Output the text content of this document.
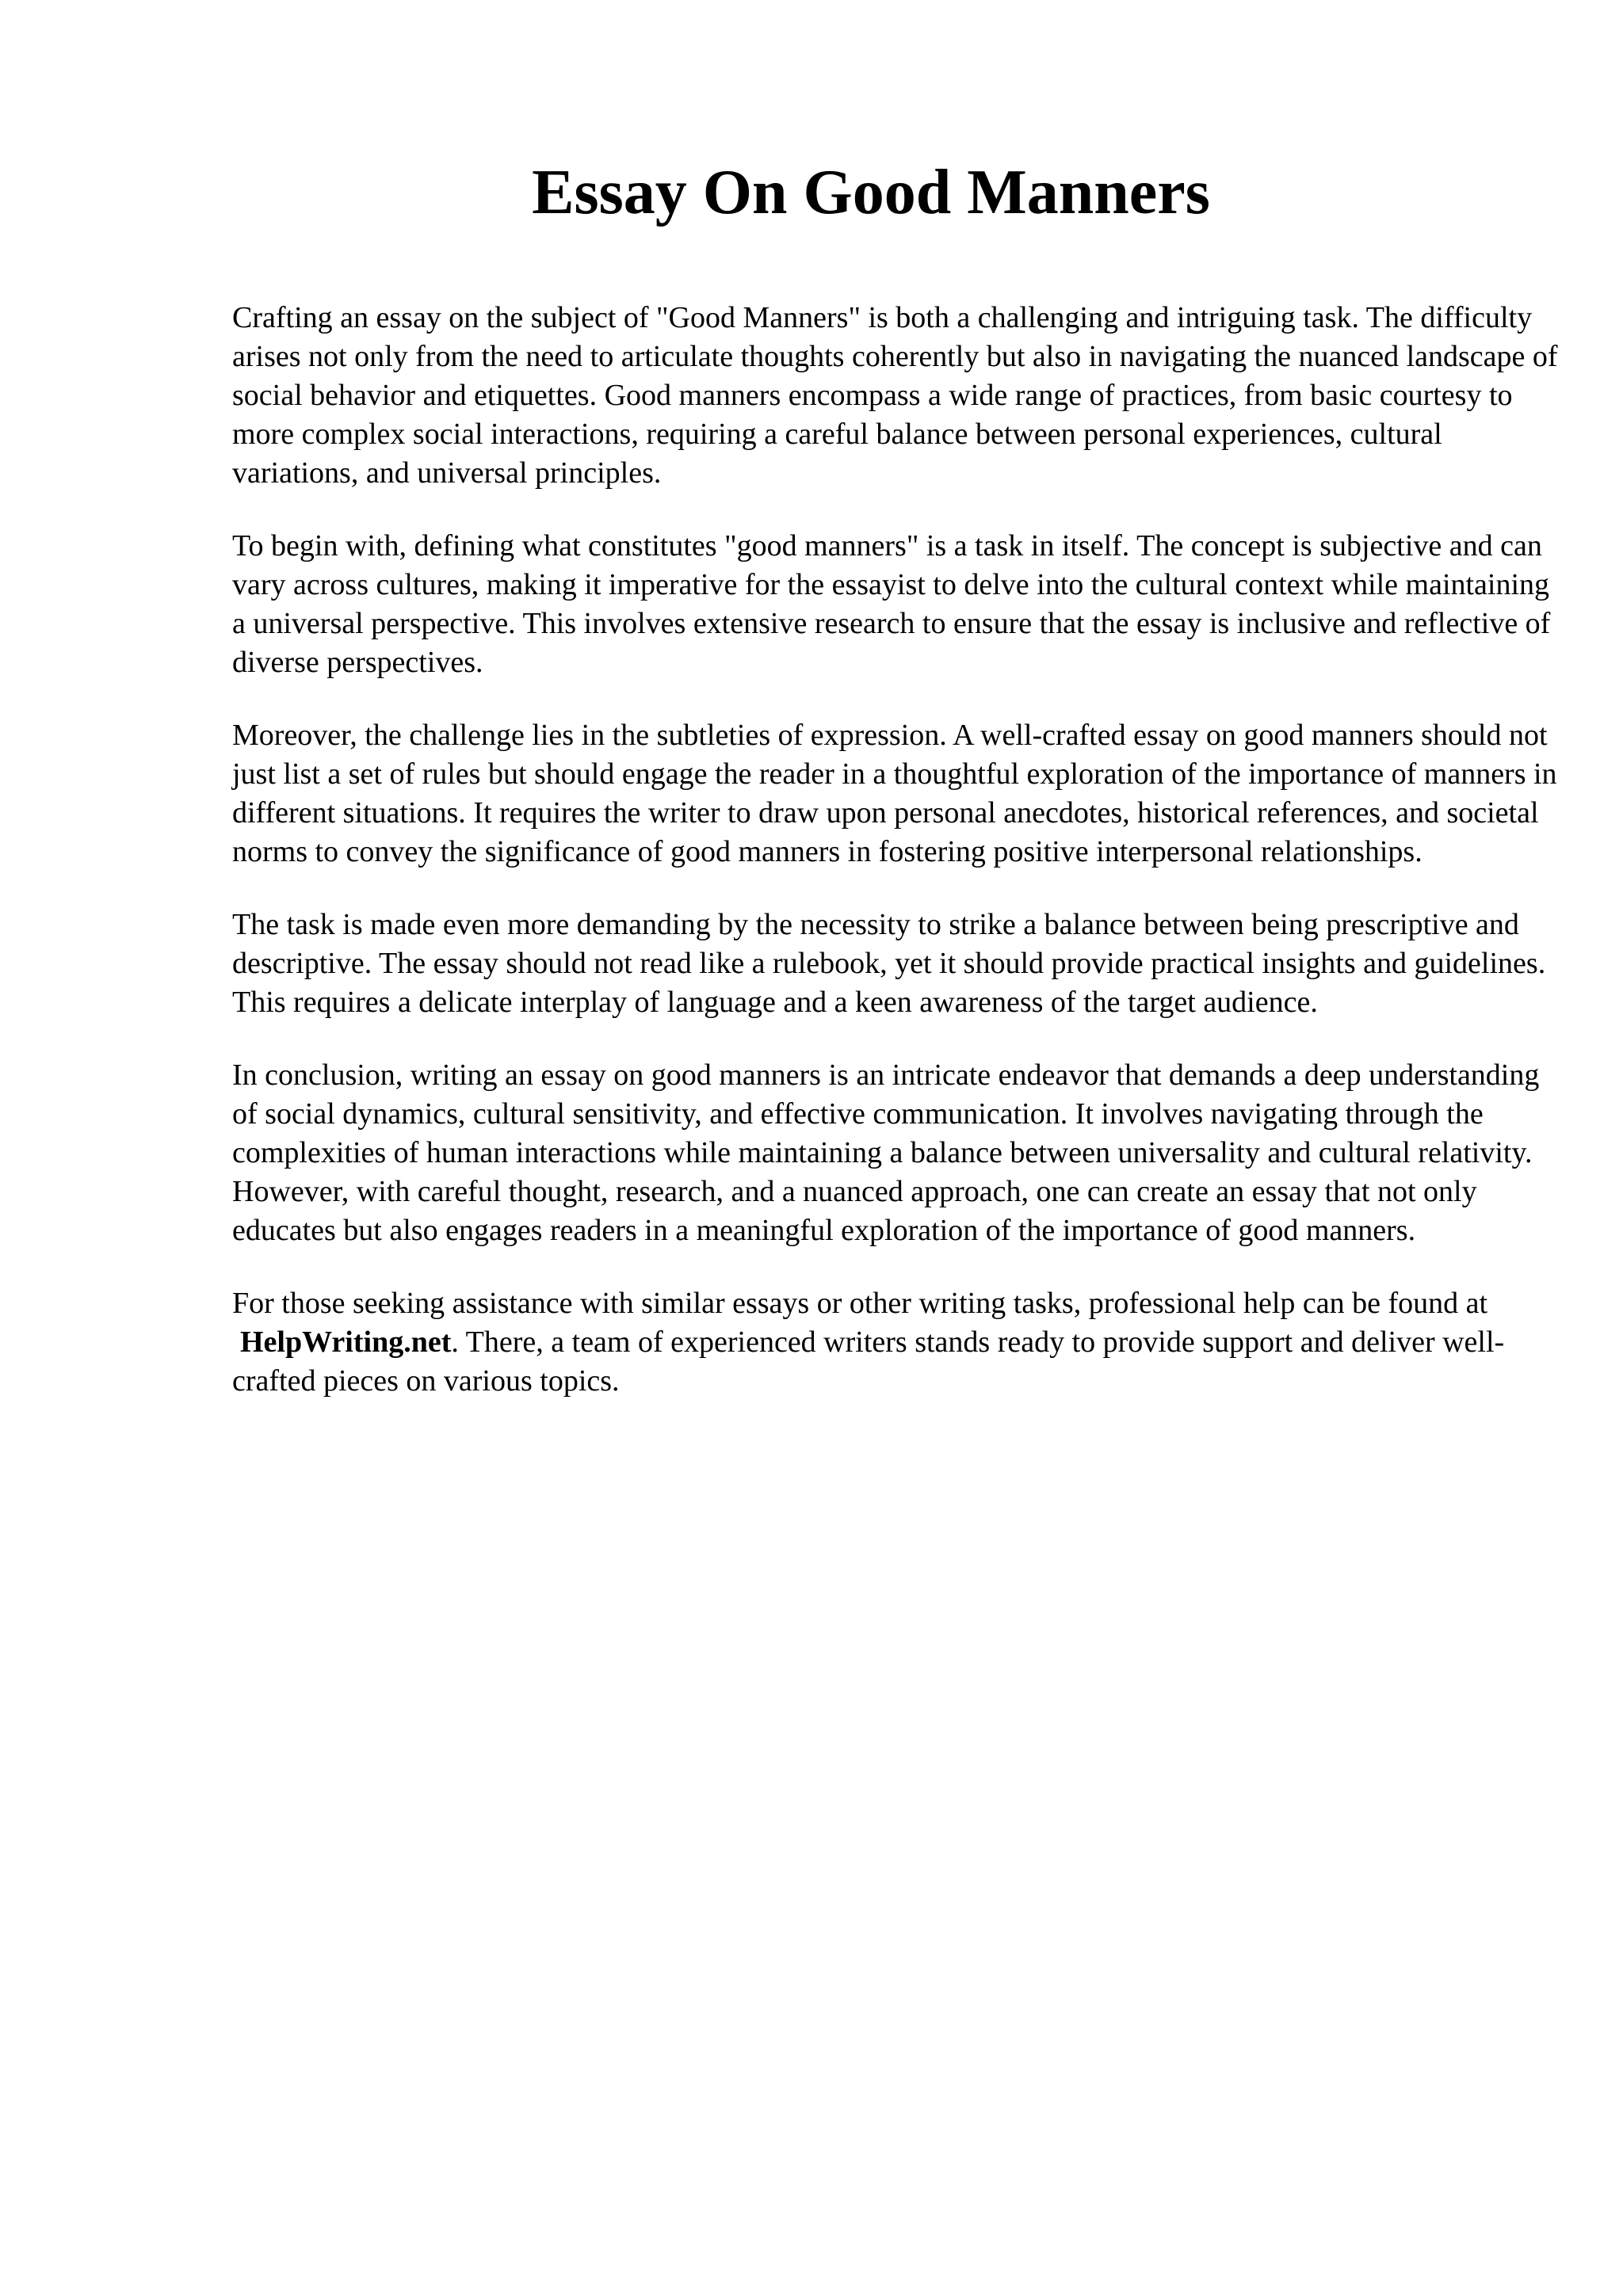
Essay On Good Manners

Crafting an essay on the subject of "Good Manners" is both a challenging and intriguing task. The difficulty arises not only from the need to articulate thoughts coherently but also in navigating the nuanced landscape of social behavior and etiquettes. Good manners encompass a wide range of practices, from basic courtesy to more complex social interactions, requiring a careful balance between personal experiences, cultural variations, and universal principles.

To begin with, defining what constitutes "good manners" is a task in itself. The concept is subjective and can vary across cultures, making it imperative for the essayist to delve into the cultural context while maintaining a universal perspective. This involves extensive research to ensure that the essay is inclusive and reflective of diverse perspectives.

Moreover, the challenge lies in the subtleties of expression. A well-crafted essay on good manners should not just list a set of rules but should engage the reader in a thoughtful exploration of the importance of manners in different situations. It requires the writer to draw upon personal anecdotes, historical references, and societal norms to convey the significance of good manners in fostering positive interpersonal relationships.

The task is made even more demanding by the necessity to strike a balance between being prescriptive and descriptive. The essay should not read like a rulebook, yet it should provide practical insights and guidelines. This requires a delicate interplay of language and a keen awareness of the target audience.

In conclusion, writing an essay on good manners is an intricate endeavor that demands a deep understanding of social dynamics, cultural sensitivity, and effective communication. It involves navigating through the complexities of human interactions while maintaining a balance between universality and cultural relativity. However, with careful thought, research, and a nuanced approach, one can create an essay that not only educates but also engages readers in a meaningful exploration of the importance of good manners.

For those seeking assistance with similar essays or other writing tasks, professional help can be found at HelpWriting.net. There, a team of experienced writers stands ready to provide support and deliver well-crafted pieces on various topics.
